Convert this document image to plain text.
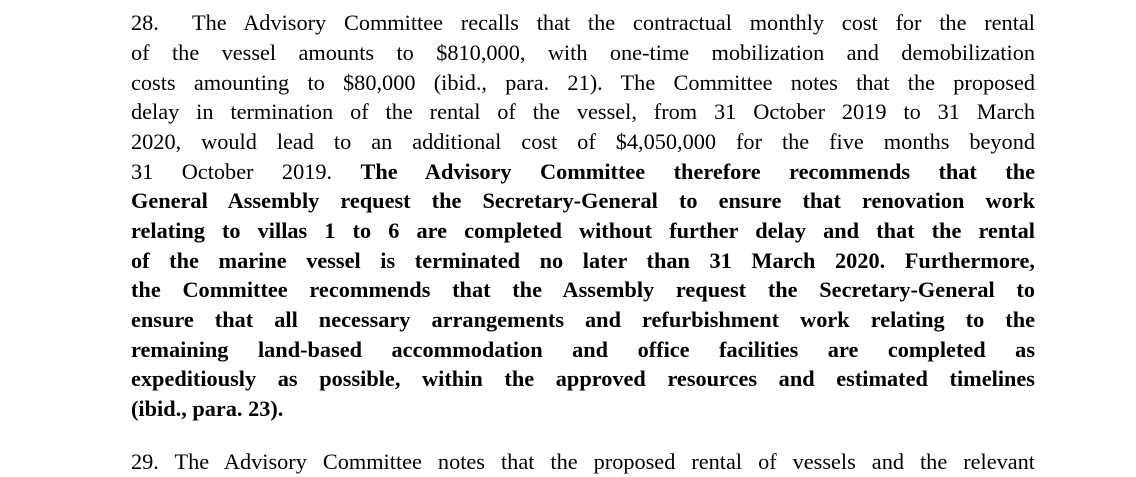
28. The Advisory Committee recalls that the contractual monthly cost for the rental
of the vessel amounts to $810,000, with one-time mobilization and demobilization
costs amounting to $80,000 (ibid., para. 21). The Committee notes that the proposed
delay in termination of the rental of the vessel, from 31 October 2019 to 31 March
2020, would lead to an additional cost of $4,050,000 for the five months beyond
31 October 2019. The Advisory Committee therefore recommends that the
General Assembly request the Secretary-General to ensure that renovation work
relating to villas 1 to 6 are completed without further delay and that the rental
of the marine vessel is terminated no later than 31 March 2020. Furthermore,
the Committee recommends that the Assembly request the Secretary-General to
ensure that all necessary arrangements and refurbishment work relating to the
remaining land-based accommodation and office facilities are completed as
expeditiously as possible, within the approved resources and estimated timelines
(ibid., para. 23).
29. The Advisory Committee notes that the proposed rental of vessels and the relevant
